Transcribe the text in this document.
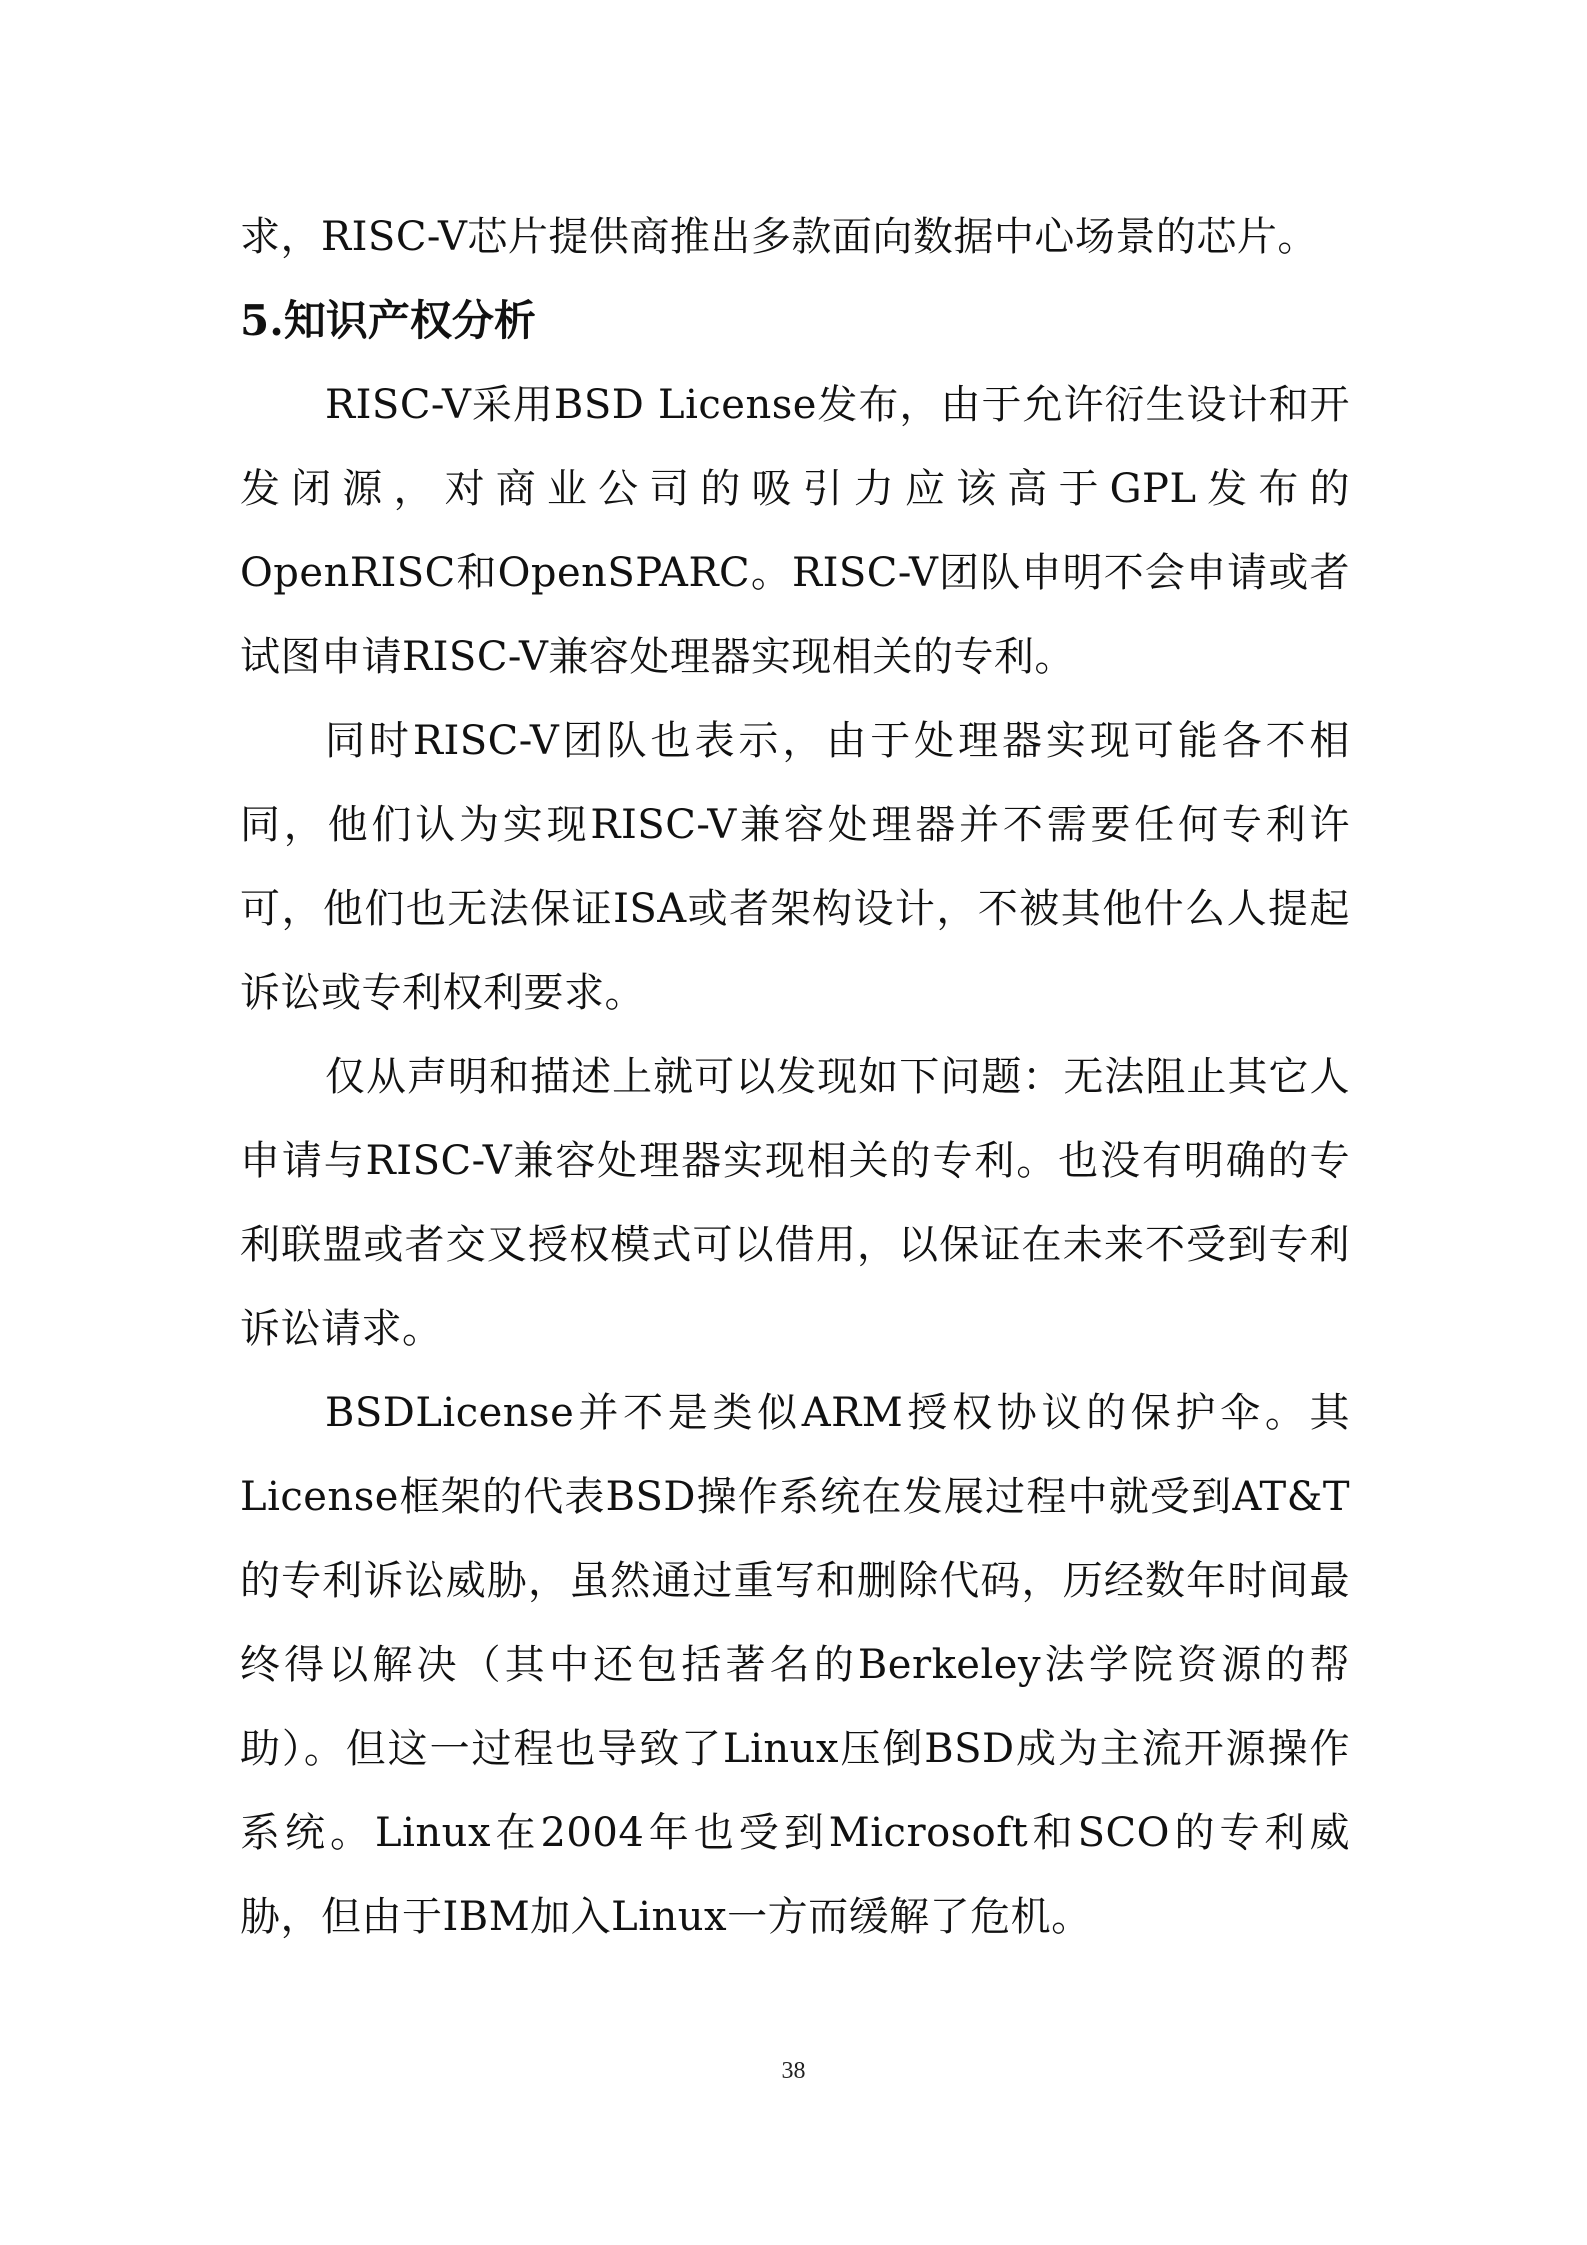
求，RISC-V芯片提供商推出多款面向数据中心场景的芯片。

5.知识产权分析

RISC-V采用BSD License发布，由于允许衍生设计和开发闭源，对商业公司的吸引力应该高于GPL发布的OpenRISC和OpenSPARC。RISC-V团队申明不会申请或者试图申请RISC-V兼容处理器实现相关的专利。

同时RISC-V团队也表示，由于处理器实现可能各不相同，他们认为实现RISC-V兼容处理器并不需要任何专利许可，他们也无法保证ISA或者架构设计，不被其他什么人提起诉讼或专利权利要求。

仅从声明和描述上就可以发现如下问题：无法阻止其它人申请与RISC-V兼容处理器实现相关的专利。也没有明确的专利联盟或者交叉授权模式可以借用，以保证在未来不受到专利诉讼请求。

BSDLicense并不是类似ARM授权协议的保护伞。其License框架的代表BSD操作系统在发展过程中就受到AT&T的专利诉讼威胁，虽然通过重写和删除代码，历经数年时间最终得以解决（其中还包括著名的Berkeley法学院资源的帮助）。但这一过程也导致了Linux压倒BSD成为主流开源操作系统。Linux在2004年也受到Microsoft和SCO的专利威胁，但由于IBM加入Linux一方而缓解了危机。

38
